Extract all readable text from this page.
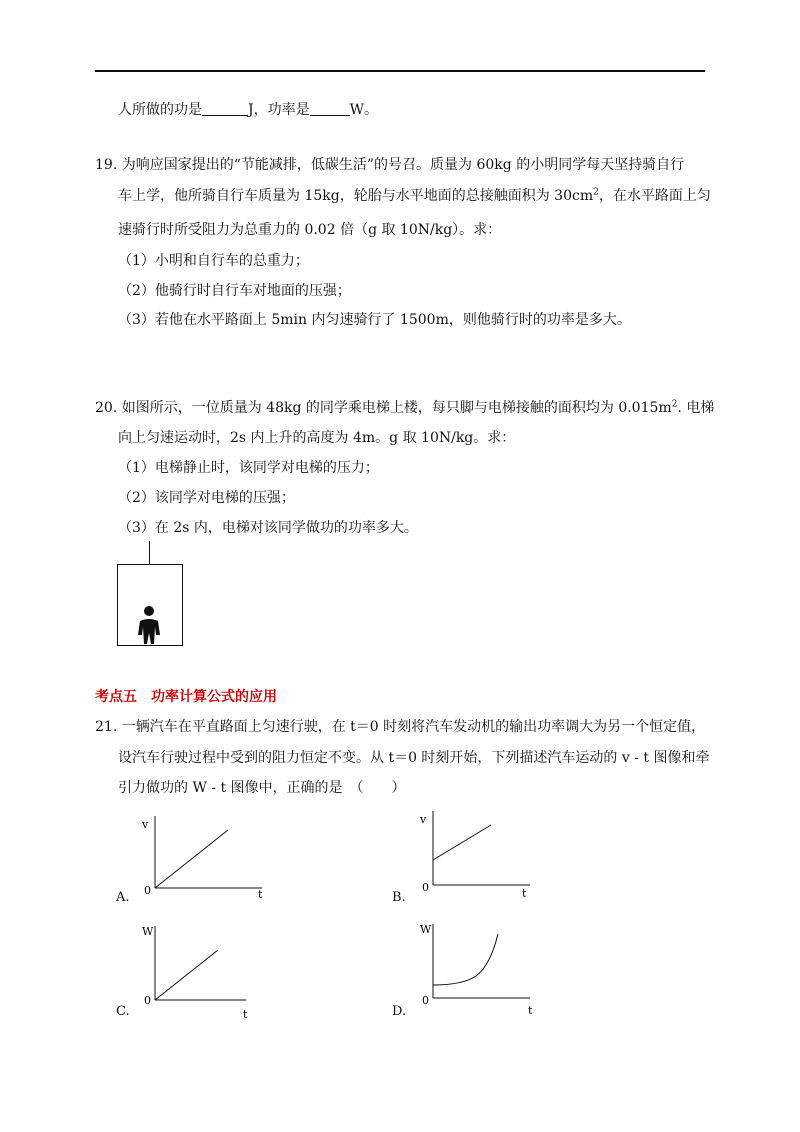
人所做的功是	J，功率是	W。
19. 为响应国家提出的“节能减排，低碳生活”的号召。质量为 60kg 的小明同学每天坚持骑自行
车上学，他所骑自行车质量为 15kg，轮胎与水平地面的总接触面积为 $30cm^2$，在水平路面上匀
速骑行时所受阻力为总重力的 0.02 倍（g 取 10N/kg）。求：
（1）小明和自行车的总重力；
（2）他骑行时自行车对地面的压强；
（3）若他在水平路面上 5min 内匀速骑行了 1500m，则他骑行时的功率是多大。
20. 如图所示，一位质量为 48kg 的同学乘电梯上楼，每只脚与电梯接触的面积均为 $0.015m^2$. 电梯
向上匀速运动时，2s 内上升的高度为 4m。g 取 10N/kg。求：
（1）电梯静止时，该同学对电梯的压力；
（2）该同学对电梯的压强；
（3）在 2s 内，电梯对该同学做功的功率多大。
考点五　功率计算公式的应用
21. 一辆汽车在平直路面上匀速行驶，在 t＝0 时刻将汽车发动机的输出功率调大为另一个恒定值，
设汽车行驶过程中受到的阻力恒定不变。从 t＝0 时刻开始，下列描述汽车运动的 v - t 图像和牵
引力做功的 W - t 图像中，正确的是　（　　）
v
t
0
A.
v
t
0
B.
W
t
0
C.
W
t
0
D.
